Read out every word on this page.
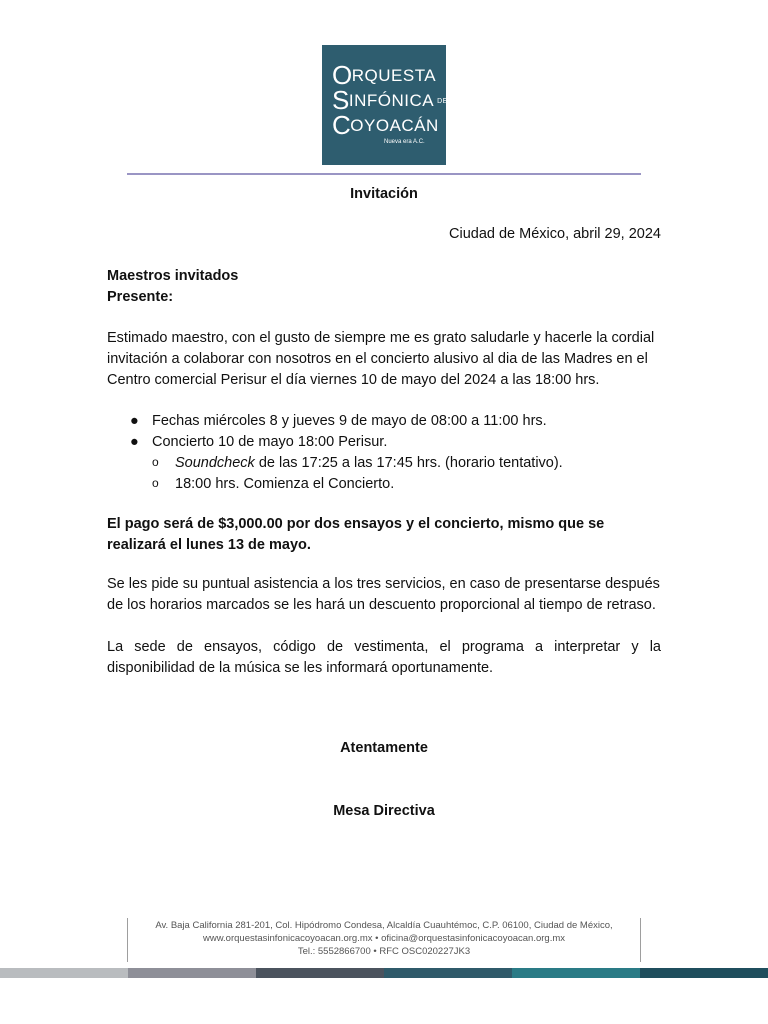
ORQUESTA
SINFÓNICA DE
COYOACÁN
Nueva era A.C.
Invitación
Ciudad de México, abril 29, 2024
Maestros invitados
Presente:
Estimado maestro, con el gusto de siempre me es grato saludarle y hacerle la cordial invitación a colaborar con nosotros en el concierto alusivo al dia de las Madres en el Centro comercial Perisur el día viernes 10 de mayo del 2024 a las 18:00 hrs.
● Fechas miércoles 8 y jueves 9 de mayo de 08:00 a 11:00 hrs.
● Concierto 10 de mayo 18:00 Perisur.
o Soundcheck de las 17:25 a las 17:45 hrs. (horario tentativo).
o 18:00 hrs. Comienza el Concierto.
El pago será de $3,000.00 por dos ensayos y el concierto, mismo que se realizará el lunes 13 de mayo.
Se les pide su puntual asistencia a los tres servicios, en caso de presentarse después de los horarios marcados se les hará un descuento proporcional al tiempo de retraso.
La sede de ensayos, código de vestimenta, el programa a interpretar y la disponibilidad de la música se les informará oportunamente.
Atentamente
Mesa Directiva
Av. Baja California 281-201, Col. Hipódromo Condesa, Alcaldía Cuauhtémoc, C.P. 06100, Ciudad de México,
www.orquestasinfonicacoyoacan.org.mx • oficina@orquestasinfonicacoyoacan.org.mx
Tel.: 5552866700 • RFC OSC020227JK3
